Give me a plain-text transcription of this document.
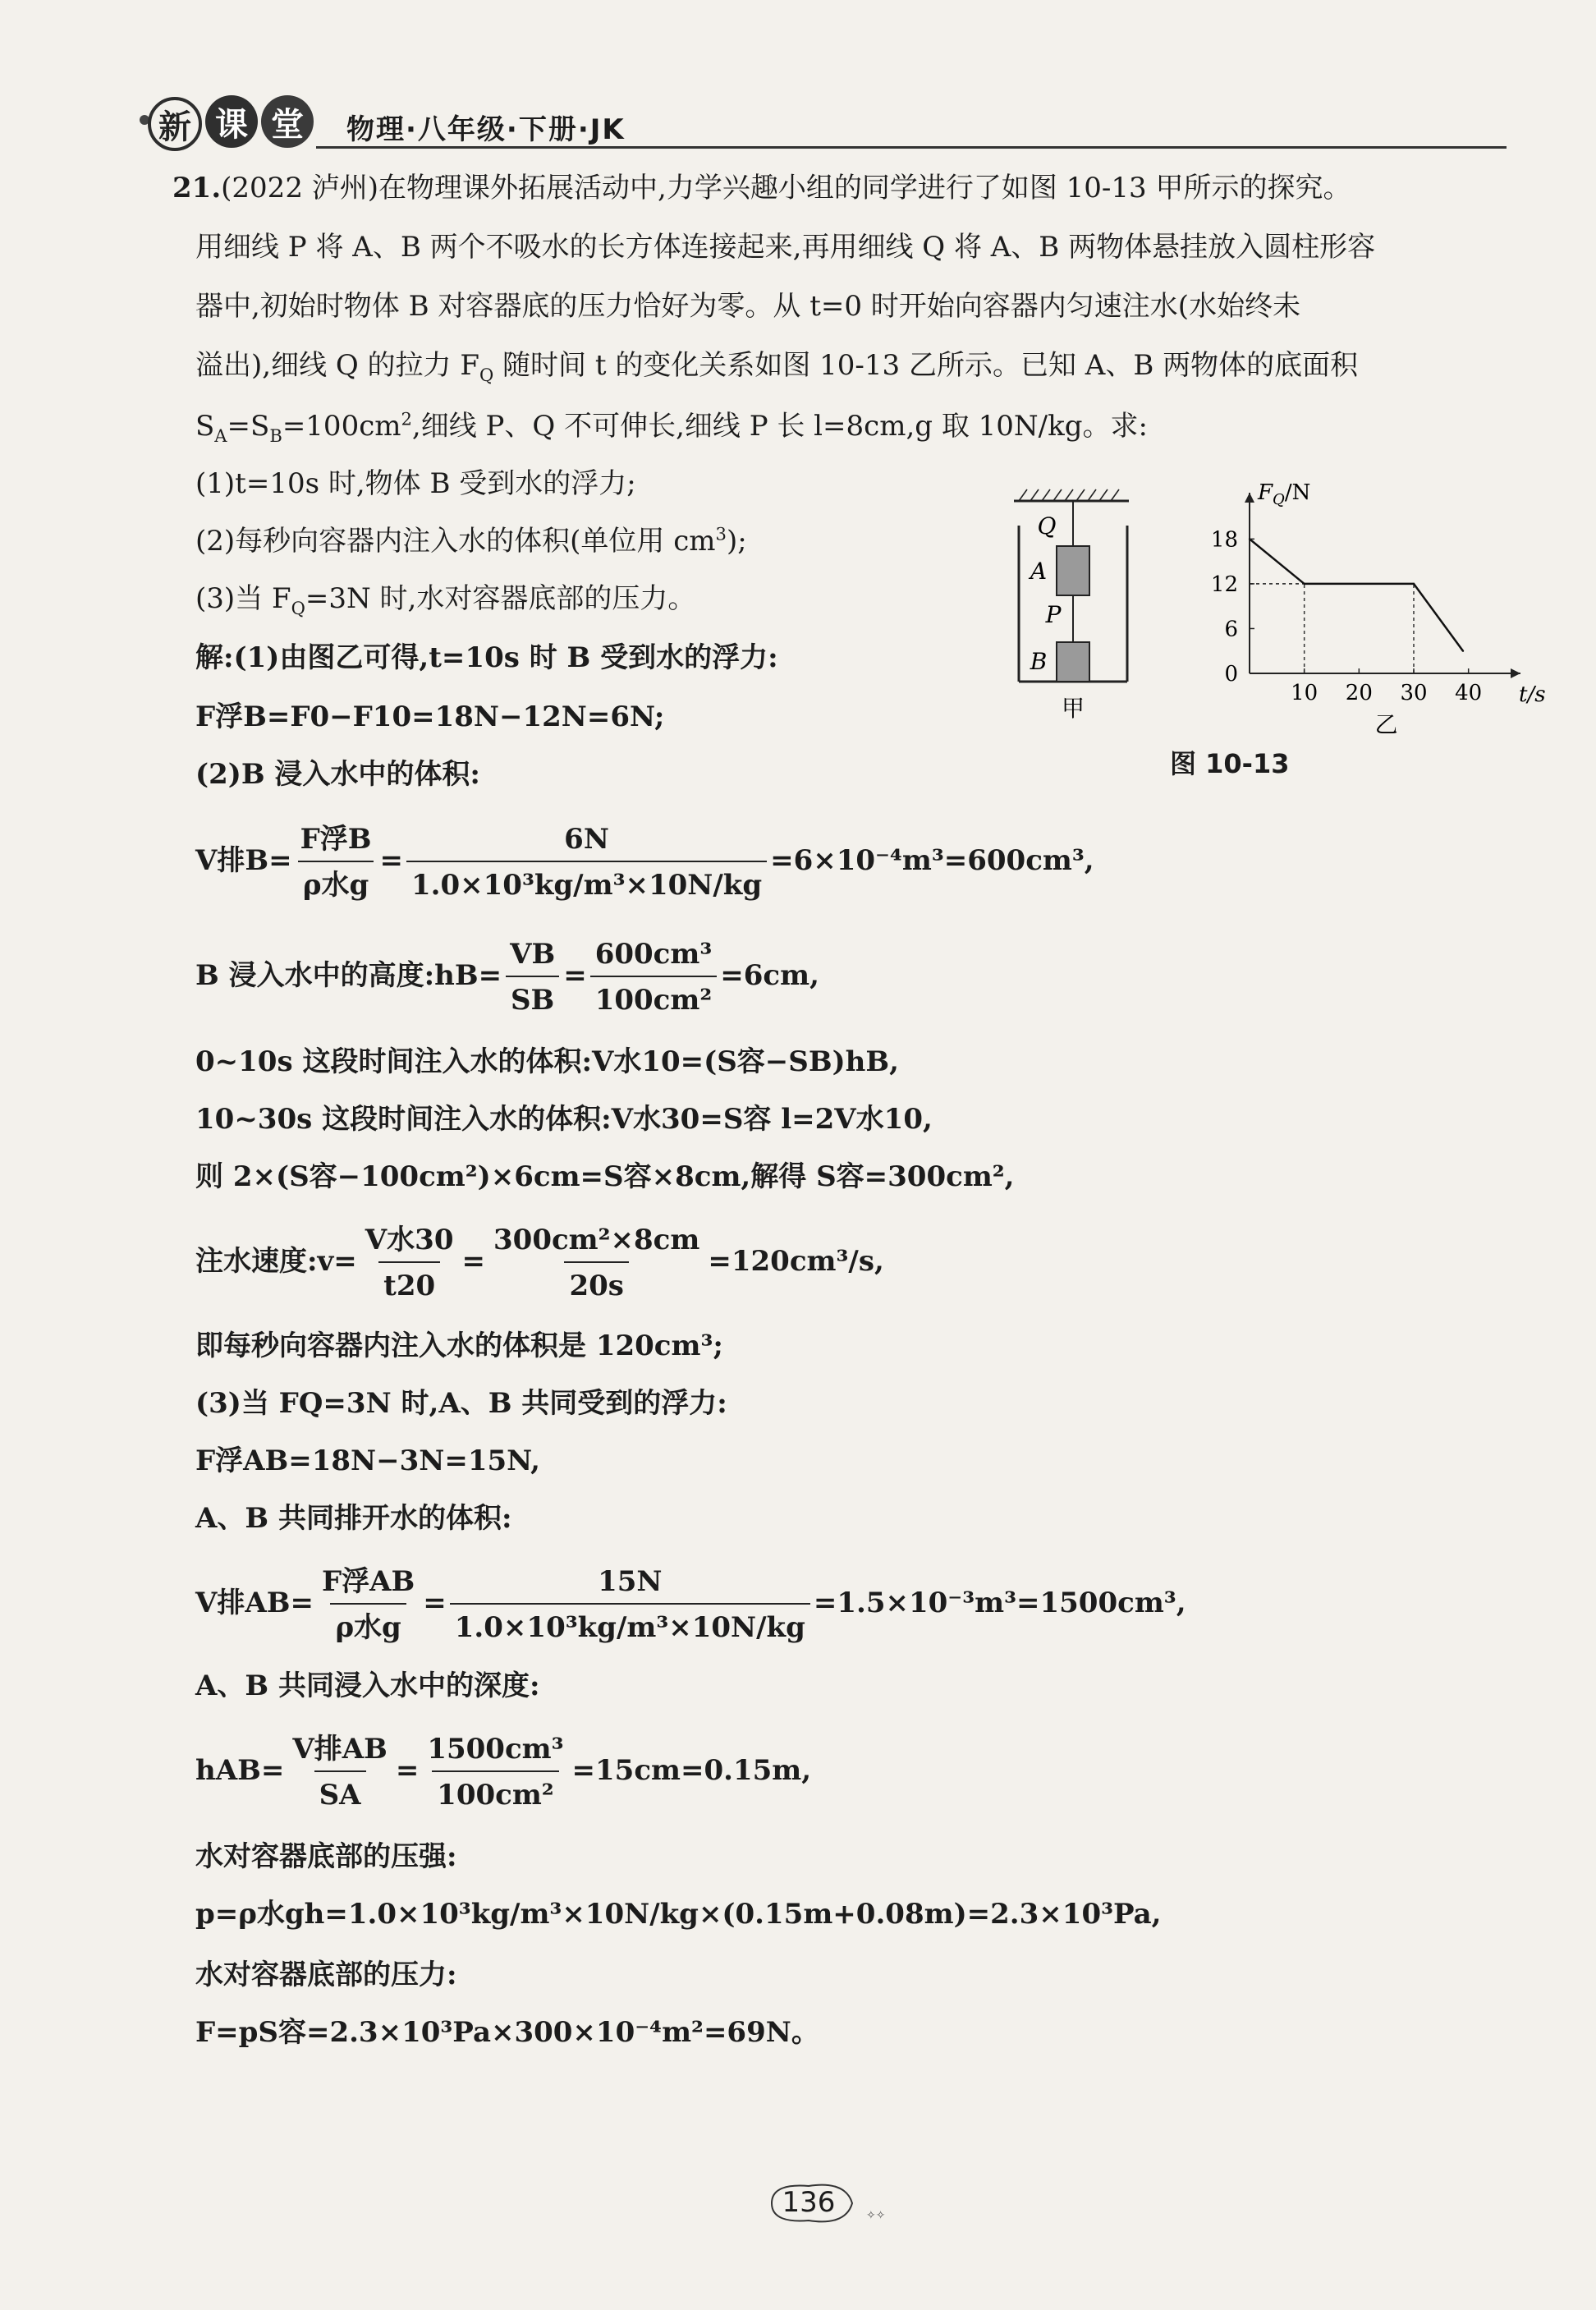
新 课 堂	物理·八年级·下册·JK
21.(2022 泸州)在物理课外拓展活动中,力学兴趣小组的同学进行了如图 10-13 甲所示的探究。
用细线 P 将 A、B 两个不吸水的长方体连接起来,再用细线 Q 将 A、B 两物体悬挂放入圆柱形容
器中,初始时物体 B 对容器底的压力恰好为零。从 t=0 时开始向容器内匀速注水(水始终未
溢出),细线 Q 的拉力 $F_Q$ 随时间 t 的变化关系如图 10-13 乙所示。已知 A、B 两物体的底面积
$S_A=S_B=100cm^2$,细线 P、Q 不可伸长,细线 P 长 l=8cm,g 取 10N/kg。求:
(1)t=10s 时,物体 B 受到水的浮力;
(2)每秒向容器内注入水的体积(单位用 $cm^3$);
(3)当 $F_Q=3N$ 时,水对容器底部的压力。
解:(1)由图乙可得,t=10s 时 B 受到水的浮力:
F浮B=F0−F10=18N−12N=6N;
(2)B 浸入水中的体积:
V排$B= \frac{\text{F浮B}}{\text{ρ水g}} = \frac{6N}{\text{1.0×10³kg/m³×10N/kg}} =6\times 10^{-4}m^3=600cm^3$,
B 浸入水中的高度:hB= $\frac{VB}{SB} = \frac{\text{600cm³}}{\text{100cm²}} =6cm$,
0~10s 这段时间注入水的体积:V水10=(S容−SB)hB,
10~30s 这段时间注入水的体积:V水30=S容 l=2V水10,
则 2×(S容−100cm²)×6cm=S容×8cm,解得 S容=300cm²,
注水速度:v= $\frac{\text{V水30}}{t20} = \frac{\text{300cm²×8cm}}{20s} =120cm^3/s$,
即每秒向容器内注入水的体积是 120cm³;
(3)当 FQ=3N 时,A、B 共同受到的浮力:
F浮AB=18N−3N=15N,
A、B 共同排开水的体积:
V排$AB= \frac{\text{F浮AB}}{\text{ρ水g}} = \frac{15N}{\text{1.0×10³kg/m³×10N/kg}} =1.5\times 10^{-3}m^3=1500cm^3$,
A、B 共同浸入水中的深度:
$hAB= \frac{\text{V排AB}}{SA} = \frac{\text{1500cm³}}{\text{100cm²}} =15cm=0.15m$,
水对容器底部的压强:
p=ρ水gh=1.0×10³kg/m³×10N/kg×(0.15m+0.08m)=2.3×10³Pa,
水对容器底部的压力:
F=pS容=2.3×10³Pa×300×10⁻⁴m²=69N。
Q
A
P
B
甲
$F_Q/N$
t/s
乙
10 20 30 40
0
6
12
18
图 10-13
✧✧
136
